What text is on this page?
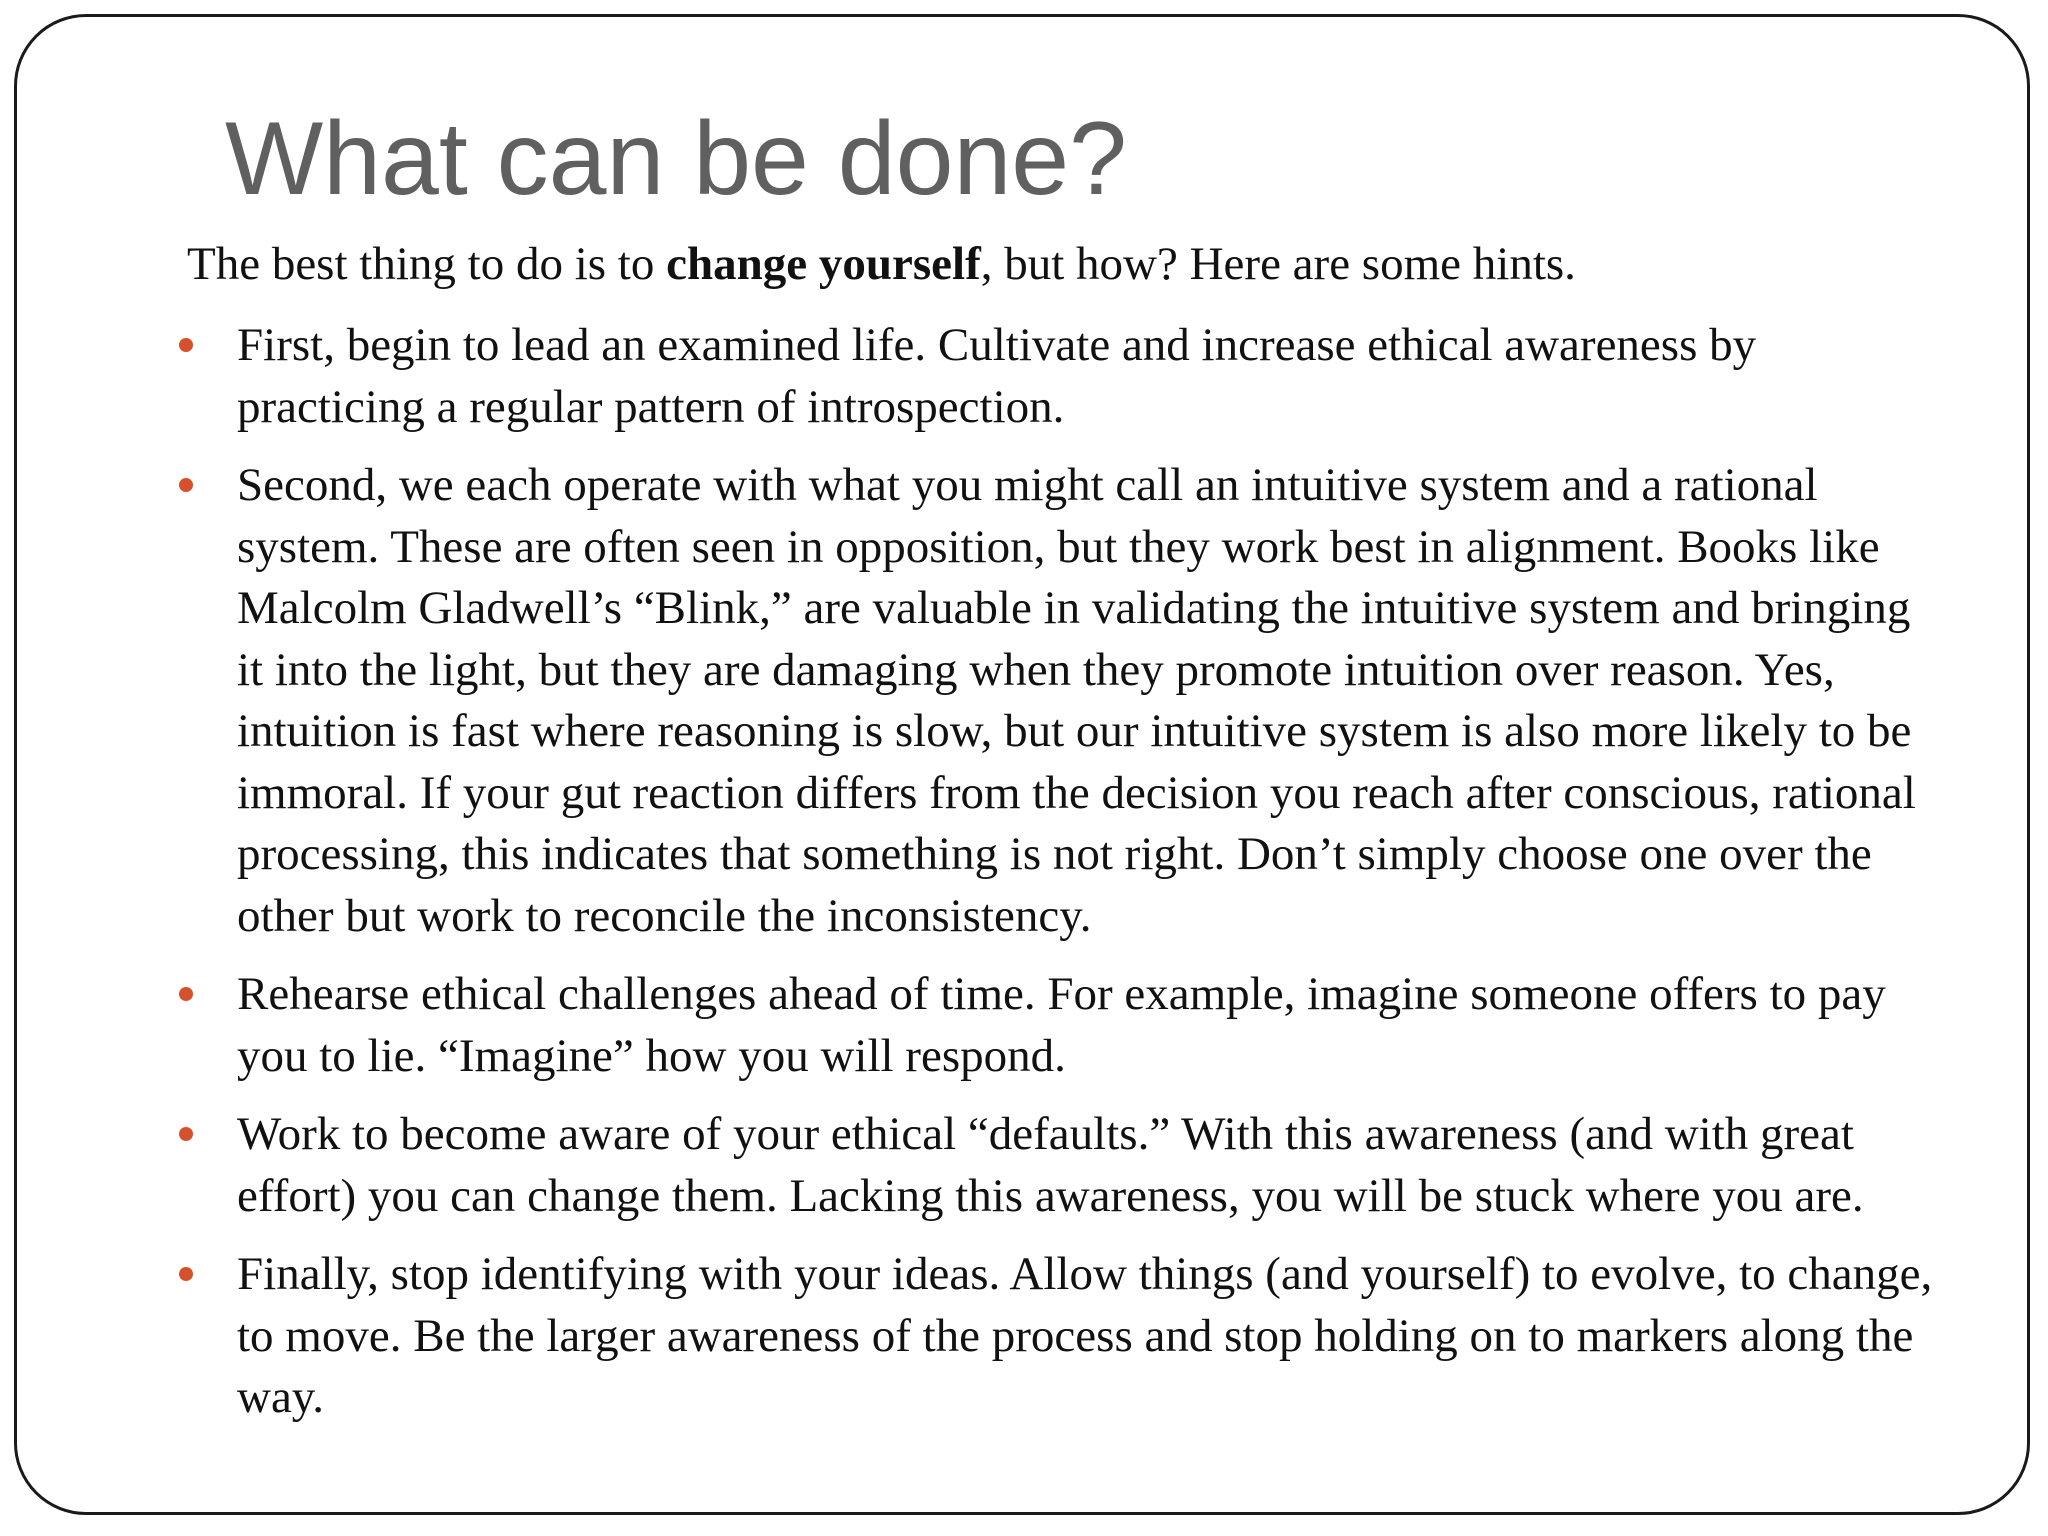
What can be done?
The best thing to do is to change yourself, but how? Here are some hints.
First, begin to lead an examined life. Cultivate and increase ethical awareness by practicing a regular pattern of introspection.
Second, we each operate with what you might call an intuitive system and a rational system. These are often seen in opposition, but they work best in alignment. Books like Malcolm Gladwell’s “Blink,” are valuable in validating the intuitive system and bringing it into the light, but they are damaging when they promote intuition over reason. Yes, intuition is fast where reasoning is slow, but our intuitive system is also more likely to be immoral. If your gut reaction differs from the decision you reach after conscious, rational processing, this indicates that something is not right. Don’t simply choose one over the other but work to reconcile the inconsistency.
Rehearse ethical challenges ahead of time. For example, imagine someone offers to pay you to lie. “Imagine” how you will respond.
Work to become aware of your ethical “defaults.” With this awareness (and with great effort) you can change them. Lacking this awareness, you will be stuck where you are.
Finally, stop identifying with your ideas. Allow things (and yourself) to evolve, to change, to move. Be the larger awareness of the process and stop holding on to markers along the way.
